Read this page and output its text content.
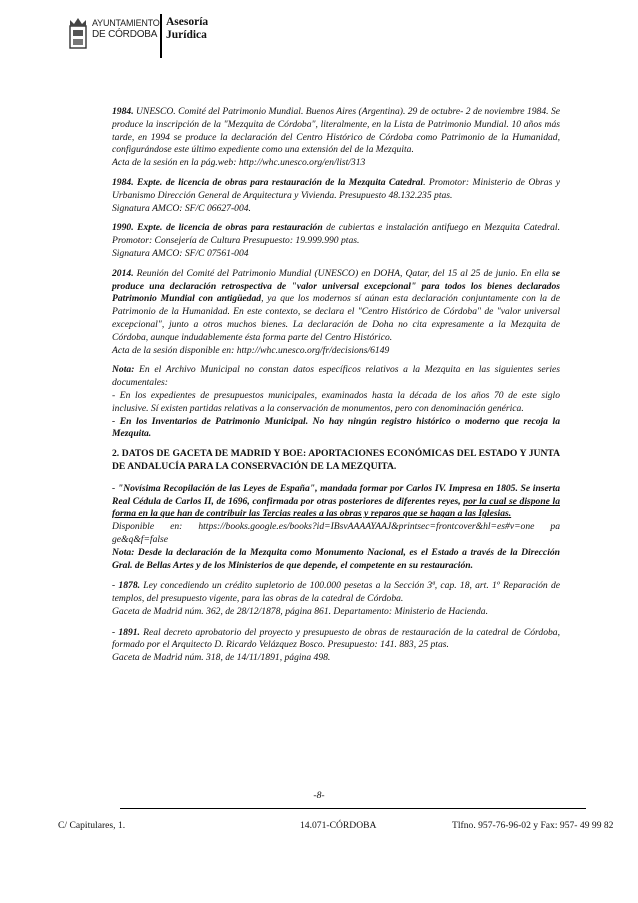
AYUNTAMIENTO
DE CÓRDOBA
Asesoría
Jurídica

1984. UNESCO. Comité del Patrimonio Mundial. Buenos Aires (Argentina). 29 de octubre- 2 de noviembre 1984. Se produce la inscripción de la "Mezquita de Córdoba", literalmente, en la Lista de Patrimonio Mundial. 10 años más tarde, en 1994 se produce la declaración del Centro Histórico de Córdoba como Patrimonio de la Humanidad, configurándose este último expediente como una extensión del de la Mezquita.

Acta de la sesión en la pág.web: http://whc.unesco.org/en/list/313

1984. Expte. de licencia de obras para restauración de la Mezquita Catedral. Promotor: Ministerio de Obras y Urbanismo Dirección General de Arquitectura y Vivienda. Presupuesto 48.132.235 ptas.

Signatura AMCO: SF/C 06627-004.

1990. Expte. de licencia de obras para restauración de cubiertas e instalación antifuego en Mezquita Catedral. Promotor: Consejería de Cultura Presupuesto: 19.999.990 ptas.

Signatura AMCO: SF/C 07561-004

2014. Reunión del Comité del Patrimonio Mundial (UNESCO) en DOHA, Qatar, del 15 al 25 de junio. En ella se produce una declaración retrospectiva de "valor universal excepcional" para todos los bienes declarados Patrimonio Mundial con antigüedad, ya que los modernos sí aúnan esta declaración conjuntamente con la de Patrimonio de la Humanidad. En este contexto, se declara el "Centro Histórico de Córdoba" de "valor universal excepcional", junto a otros muchos bienes. La declaración de Doha no cita expresamente a la Mezquita de Córdoba, aunque indudablemente ésta forma parte del Centro Histórico.

Acta de la sesión disponible en: http://whc.unesco.org/fr/decisions/6149

Nota: En el Archivo Municipal no constan datos específicos relativos a la Mezquita en las siguientes series documentales:

- En los expedientes de presupuestos municipales, examinados hasta la década de los años 70 de este siglo inclusive. Sí existen partidas relativas a la conservación de monumentos, pero con denominación genérica.

- En los Inventarios de Patrimonio Municipal. No hay ningún registro histórico o moderno que recoja la Mezquita.

2. DATOS DE GACETA DE MADRID Y BOE: APORTACIONES ECONÓMICAS DEL ESTADO Y JUNTA DE ANDALUCÍA PARA LA CONSERVACIÓN DE LA MEZQUITA.

- "Novísima Recopilación de las Leyes de España", mandada formar por Carlos IV. Impresa en 1805. Se inserta Real Cédula de Carlos II, de 1696, confirmada por otras posteriores de diferentes reyes, por la cual se dispone la forma en la que han de contribuir las Tercias reales a las obras y reparos que se hagan a las Iglesias.

Disponible en: https://books.google.es/books?id=IBsvAAAAYAAJ&printsec=frontcover&hl=es#v=one pa ge&q&f=false

Nota: Desde la declaración de la Mezquita como Monumento Nacional, es el Estado a través de la Dirección Gral. de Bellas Artes y de los Ministerios de que depende, el competente en su restauración.

- 1878. Ley concediendo un crédito supletorio de 100.000 pesetas a la Sección 3ª, cap. 18, art. 1º Reparación de templos, del presupuesto vigente, para las obras de la catedral de Córdoba.

Gaceta de Madrid núm. 362, de 28/12/1878, página 861. Departamento: Ministerio de Hacienda.

- 1891. Real decreto aprobatorio del proyecto y presupuesto de obras de restauración de la catedral de Córdoba, formado por el Arquitecto D. Ricardo Velázquez Bosco. Presupuesto: 141. 883, 25 ptas.

Gaceta de Madrid núm. 318, de 14/11/1891, página 498.

-8-
C/ Capitulares, 1.	14.071-CÓRDOBA	Tlfno. 957-76-96-02 y Fax: 957- 49 99 82
